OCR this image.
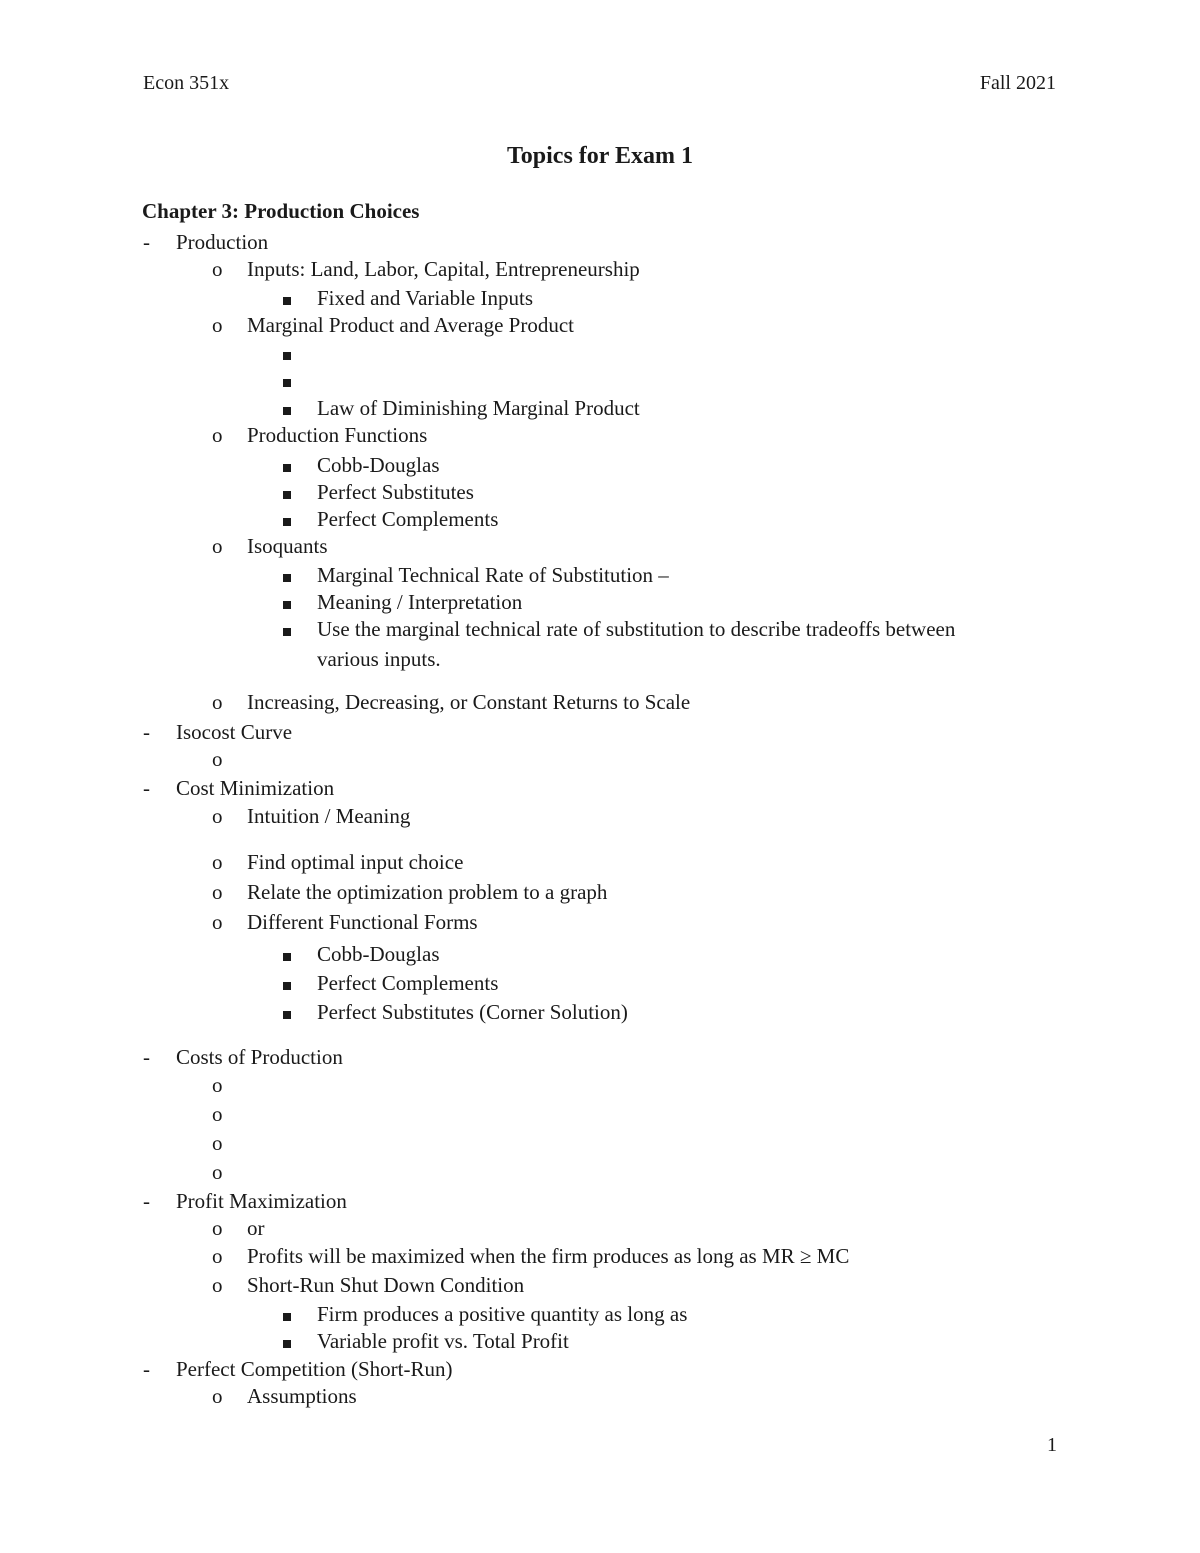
Econ 351x	Fall 2021
Topics for Exam 1
Chapter 3: Production Choices
- Production
o Inputs: Land, Labor, Capital, Entrepreneurship
Fixed and Variable Inputs
o Marginal Product and Average Product
Law of Diminishing Marginal Product
o Production Functions
Cobb-Douglas
Perfect Substitutes
Perfect Complements
o Isoquants
Marginal Technical Rate of Substitution –
Meaning / Interpretation
Use the marginal technical rate of substitution to describe tradeoffs between
various inputs.
o Increasing, Decreasing, or Constant Returns to Scale
- Isocost Curve
o
- Cost Minimization
o Intuition / Meaning
o Find optimal input choice
o Relate the optimization problem to a graph
o Different Functional Forms
Cobb-Douglas
Perfect Complements
Perfect Substitutes (Corner Solution)
- Costs of Production
o
o
o
o
- Profit Maximization
o or
o Profits will be maximized when the firm produces as long as MR ≥ MC
o Short-Run Shut Down Condition
Firm produces a positive quantity as long as
Variable profit vs. Total Profit
- Perfect Competition (Short-Run)
o Assumptions
1
